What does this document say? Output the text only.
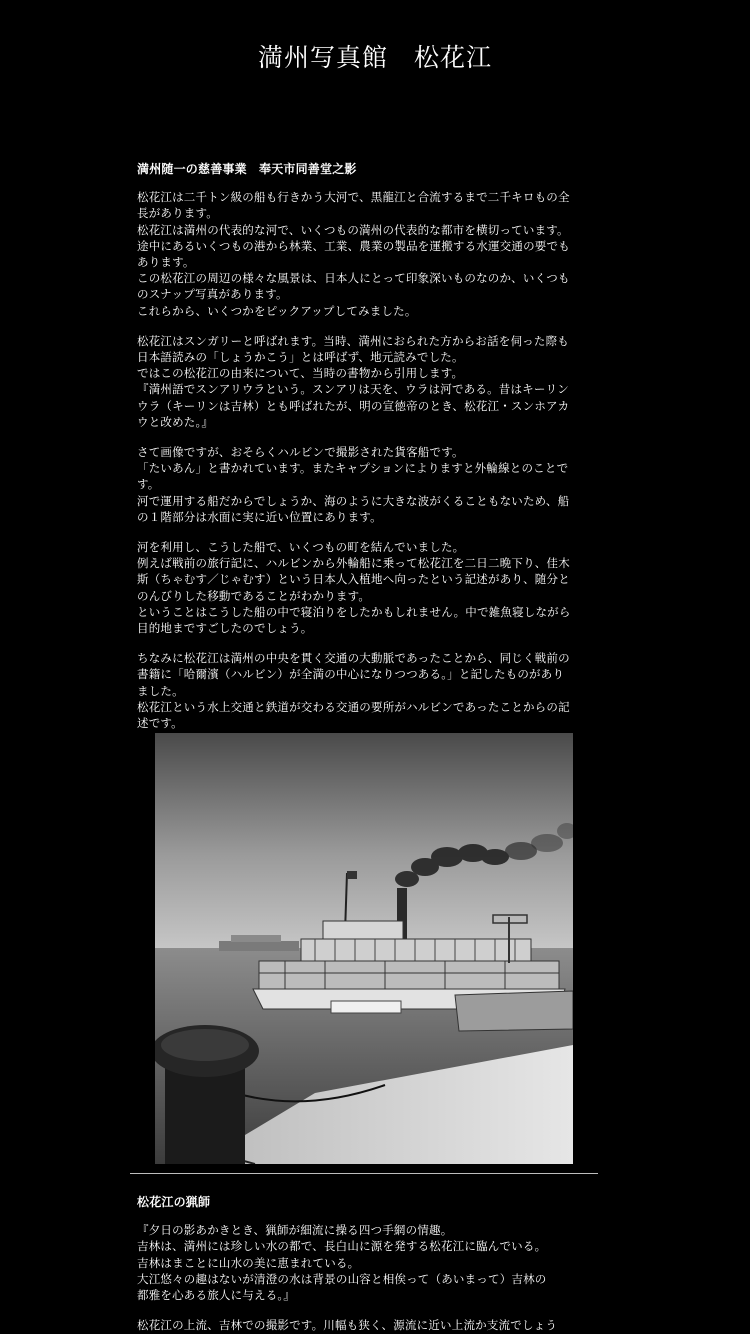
満州写真館　松花江
満州随一の慈善事業　奉天市同善堂之影
松花江は二千トン級の船も行きかう大河で、黒龍江と合流するまで二千キロもの全
長があります。
松花江は満州の代表的な河で、いくつもの満州の代表的な都市を横切っています。
途中にあるいくつもの港から林業、工業、農業の製品を運搬する水運交通の要でも
あります。
この松花江の周辺の様々な風景は、日本人にとって印象深いものなのか、いくつも
のスナップ写真があります。
これらから、いくつかをピックアップしてみました。
松花江はスンガリーと呼ばれます。当時、満州におられた方からお話を伺った際も
日本語読みの「しょうかこう」とは呼ばず、地元読みでした。
ではこの松花江の由来について、当時の書物から引用します。
『満州語でスンアリウラという。スンアリは天を、ウラは河である。昔はキーリン
ウラ（キーリンは吉林）とも呼ばれたが、明の宣徳帝のとき、松花江・スンホアカ
ウと改めた。』
さて画像ですが、おそらくハルビンで撮影された貨客船です。
「たいあん」と書かれています。またキャプションによりますと外輪線とのことで
す。
河で運用する船だからでしょうか、海のように大きな波がくることもないため、船
の１階部分は水面に実に近い位置にあります。
河を利用し、こうした船で、いくつもの町を結んでいました。
例えば戦前の旅行記に、ハルビンから外輪船に乗って松花江を二日二晩下り、佳木
斯（ちゃむす／じゃむす）という日本人入植地へ向ったという記述があり、随分と
のんびりした移動であることがわかります。
ということはこうした船の中で寝泊りをしたかもしれません。中で雑魚寝しながら
目的地まですごしたのでしょう。
ちなみに松花江は満州の中央を貫く交通の大動脈であったことから、同じく戦前の
書籍に「哈爾濱（ハルビン）が全満の中心になりつつある。」と記したものがあり
ました。
松花江という水上交通と鉄道が交わる交通の要所がハルビンであったことからの記
述です。
松花江の猟師
『夕日の影あかきとき、猟師が細流に操る四つ手網の情趣。
吉林は、満州には珍しい水の都で、長白山に源を発する松花江に臨んでいる。
吉林はまことに山水の美に恵まれている。
大江悠々の趣はないが清澄の水は背景の山容と相俟って（あいまって）吉林の
都雅を心ある旅人に与える。』
松花江の上流、吉林での撮影です。川幅も狭く、源流に近い上流か支流でしょう
